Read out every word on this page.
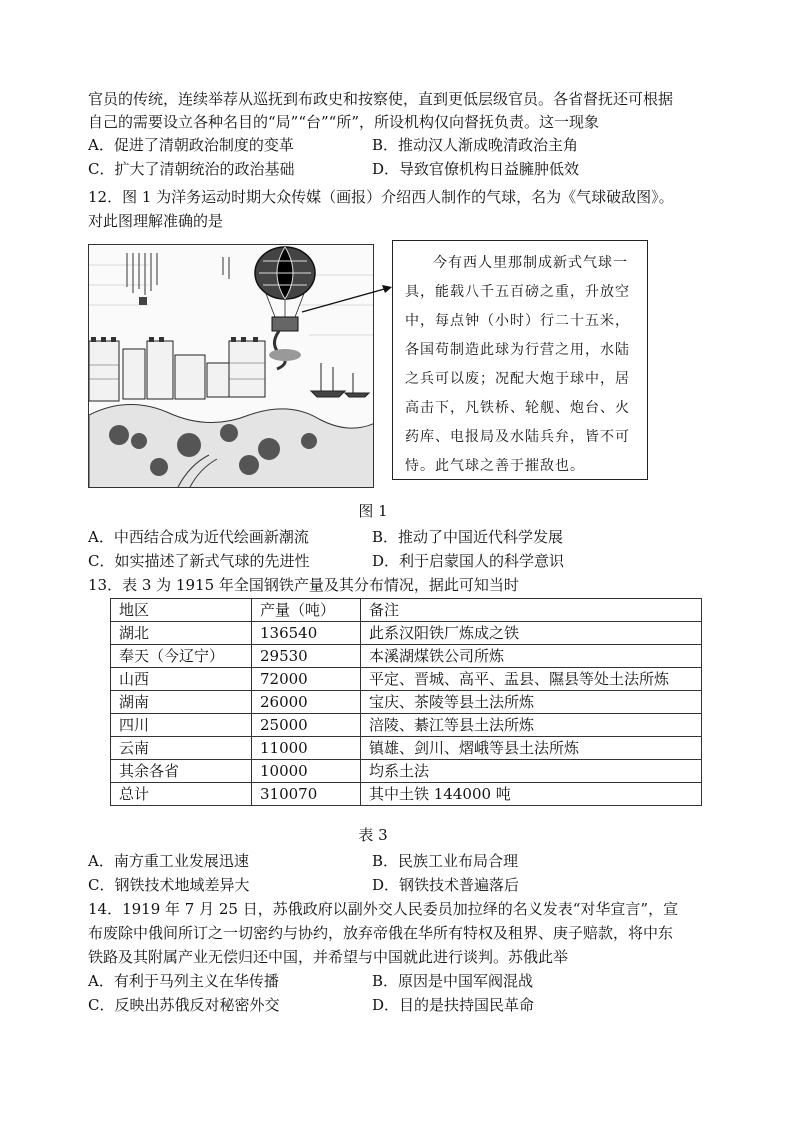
官员的传统，连续举荐从巡抚到布政史和按察使，直到更低层级官员。各省督抚还可根据
自己的需要设立各种名目的“局”“台”“所”，所设机构仅向督抚负责。这一现象
A．促进了清朝政治制度的变革	B．推动汉人渐成晚清政治主角
C．扩大了清朝统治的政治基础	D．导致官僚机构日益臃肿低效
12．图 1 为洋务运动时期大众传媒（画报）介绍西人制作的气球，名为《气球破敌图》。
对此图理解准确的是

今有西人里那制成新式气球一具，能载八千五百磅之重，升放空中，每点钟（小时）行二十五米，各国苟制造此球为行营之用，水陆之兵可以废；况配大炮于球中，居高击下，凡铁桥、轮舰、炮台、火药库、电报局及水陆兵弁，皆不可恃。此气球之善于摧敌也。

图 1
A．中西结合成为近代绘画新潮流	B．推动了中国近代科学发展
C．如实描述了新式气球的先进性	D．利于启蒙国人的科学意识
13．表 3 为 1915 年全国钢铁产量及其分布情况，据此可知当时
地区	产量（吨）	备注
湖北	136540	此系汉阳铁厂炼成之铁
奉天（今辽宁）	29530	本溪湖煤铁公司所炼
山西	72000	平定、晋城、高平、盂县、隰县等处土法所炼
湖南	26000	宝庆、茶陵等县土法所炼
四川	25000	涪陵、綦江等县土法所炼
云南	11000	镇雄、剑川、熠峨等县土法所炼
其余各省	10000	均系土法
总计	310070	其中土铁 144000 吨
表 3
A．南方重工业发展迅速	B．民族工业布局合理
C．钢铁技术地域差异大	D．钢铁技术普遍落后
14．1919 年 7 月 25 日，苏俄政府以副外交人民委员加拉绎的名义发表“对华宣言”，宣
布废除中俄间所订之一切密约与协约，放弃帝俄在华所有特权及租界、庚子赔款，将中东
铁路及其附属产业无偿归还中国，并希望与中国就此进行谈判。苏俄此举
A．有利于马列主义在华传播	B．原因是中国军阀混战
C．反映出苏俄反对秘密外交	D．目的是扶持国民革命
